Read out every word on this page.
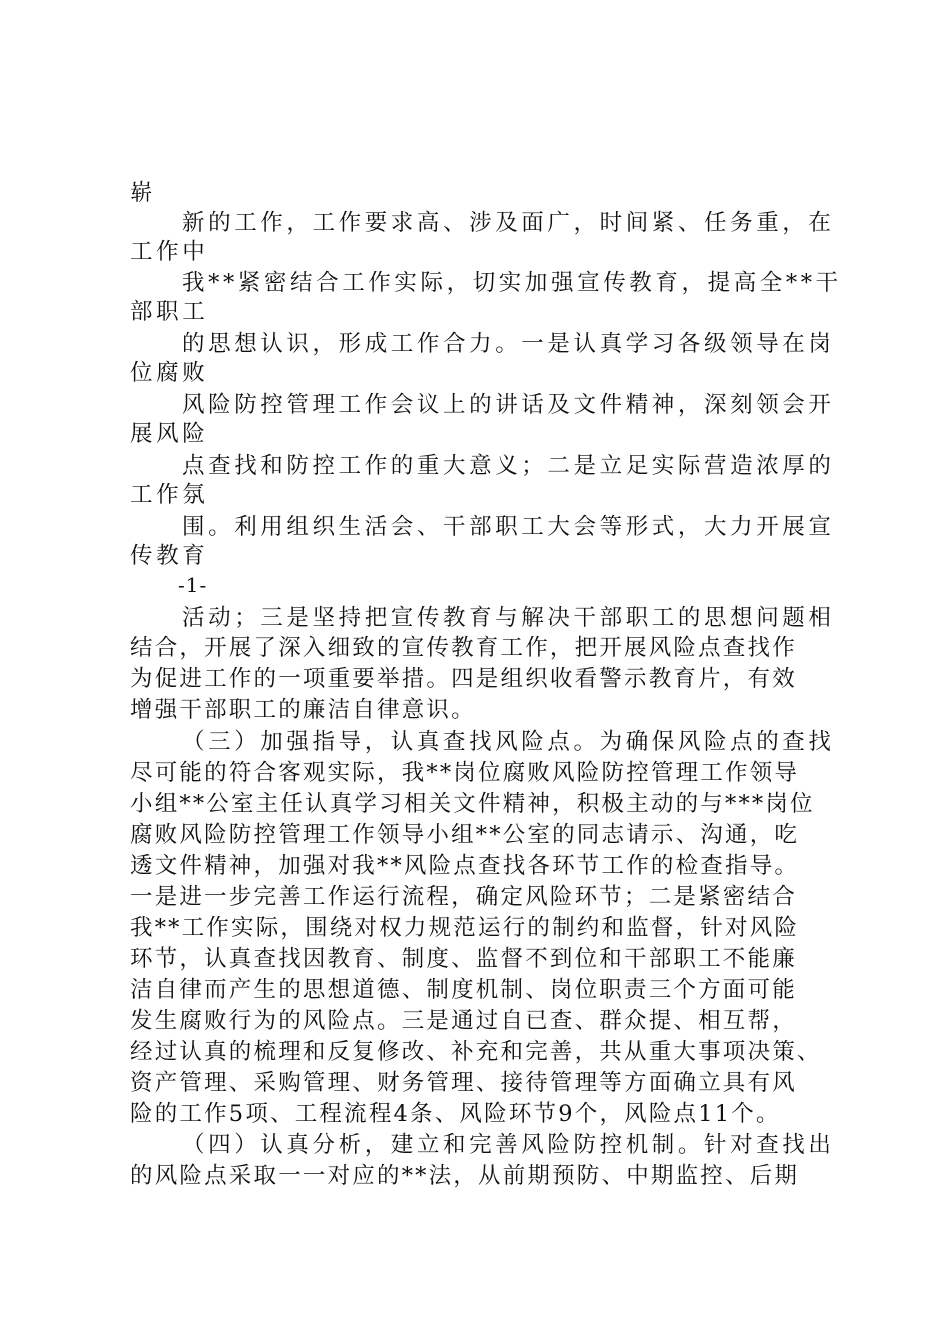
崭
新的工作，工作要求高、涉及面广，时间紧、任务重，在
工作中
我**紧密结合工作实际，切实加强宣传教育，提高全**干
部职工
的思想认识，形成工作合力。一是认真学习各级领导在岗
位腐败
风险防控管理工作会议上的讲话及文件精神，深刻领会开
展风险
点查找和防控工作的重大意义；二是立足实际营造浓厚的
工作氛
围。利用组织生活会、干部职工大会等形式，大力开展宣
传教育
-1-
活动；三是坚持把宣传教育与解决干部职工的思想问题相
结合，开展了深入细致的宣传教育工作，把开展风险点查找作
为促进工作的一项重要举措。四是组织收看警示教育片，有效
增强干部职工的廉洁自律意识。
（三）加强指导，认真查找风险点。为确保风险点的查找
尽可能的符合客观实际，我**岗位腐败风险防控管理工作领导
小组**公室主任认真学习相关文件精神，积极主动的与***岗位
腐败风险防控管理工作领导小组**公室的同志请示、沟通，吃
透文件精神，加强对我**风险点查找各环节工作的检查指导。
一是进一步完善工作运行流程，确定风险环节；二是紧密结合
我**工作实际，围绕对权力规范运行的制约和监督，针对风险
环节，认真查找因教育、制度、监督不到位和干部职工不能廉
洁自律而产生的思想道德、制度机制、岗位职责三个方面可能
发生腐败行为的风险点。三是通过自已查、群众提、相互帮，
经过认真的梳理和反复修改、补充和完善，共从重大事项决策、
资产管理、采购管理、财务管理、接待管理等方面确立具有风
险的工作5项、工程流程4条、风险环节9个，风险点11个。
（四）认真分析，建立和完善风险防控机制。针对查找出
的风险点采取一一对应的**法，从前期预防、中期监控、后期
